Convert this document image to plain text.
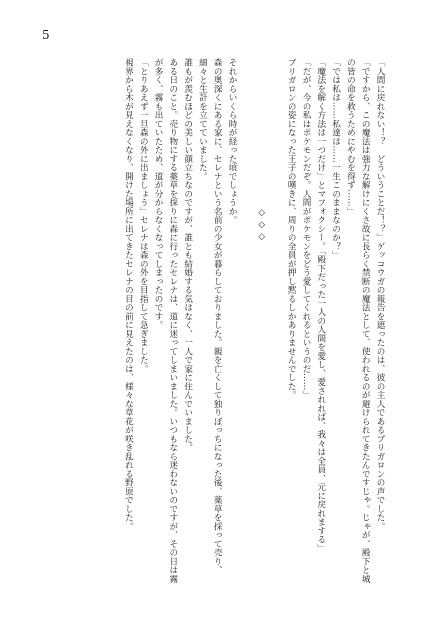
5

「人間に戻れない！？　どういうことだ！？」ゲッコウガの報告を遮ったのは、彼の主人であるブリガロンの声でした。

「ですから、この魔法は強力な解けにくさ故に長らく禁断の魔法として、使われるのが避けられてきたんですじゃ。じゃが、殿下と城の皆の命を救うためにやむを得ず……」

「では私は……私達は……一生このままなのか？」

「魔法を解く方法は一つだけ」とマフォクシー。「殿下だった一人の人間を愛し、愛されれば、我々は全員、元に戻れまする」

「だが、今の私はポケモンだぞ。人間がポケモンをどう愛してくれるというのだ……」

ブリガロンの姿になった王子の嘆きに、周りの全員が押し黙るしかありませんでした。

◇◇◇

それからいくら時が経った頃でしょうか。

森の奥深くにある家に、セレナという名前の少女が暮らしておりました。親を亡くして独りぼっちになった後、薬草を採って売り、細々と生計を立てていました。

誰もが羨むほどの美しい顔立ちなのですが、誰とも結婚する気はなく、一人で家に住んでいました。

ある日のこと。売り物にする薬草を採りに森に行ったセレナは、道に迷ってしまいました。いつもなら迷わないのですが、その日は霧が多く、霧も出ていたため、道が分からなくなってしまったのです。

「とりあえず一旦森の外に出ましょう」セレナは森の外を目指して急ぎました。

視界から木が見えなくなり、開けた場所に出てきたセレナの目の前に見えたのは、様々な草花が咲き乱れる野原でした。
